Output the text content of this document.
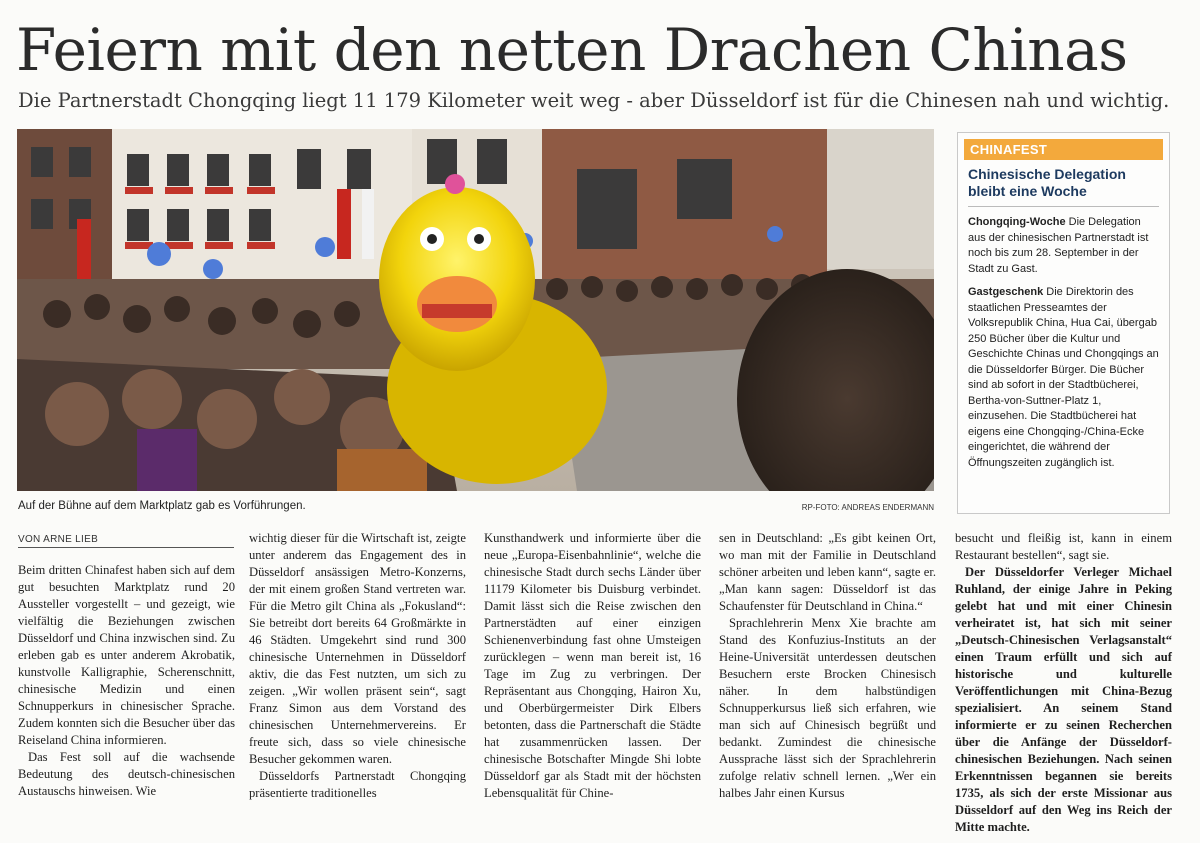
Feiern mit den netten Drachen Chinas
Die Partnerstadt Chongqing liegt 11 179 Kilometer weit weg - aber Düsseldorf ist für die Chinesen nah und wichtig.
Auf der Bühne auf dem Marktplatz gab es Vorführungen.	RP-FOTO: ANDREAS ENDERMANN
CHINAFEST
Chinesische Delegation bleibt eine Woche

Chongqing-Woche Die Delegation aus der chinesischen Partnerstadt ist noch bis zum 28. September in der Stadt zu Gast.

Gastgeschenk Die Direktorin des staatlichen Presseamtes der Volksrepublik China, Hua Cai, übergab 250 Bücher über die Kultur und Geschichte Chinas und Chongqings an die Düsseldorfer Bürger. Die Bücher sind ab sofort in der Stadtbücherei, Bertha-von-Suttner-Platz 1, einzusehen. Die Stadtbücherei hat eigens eine Chongqing-/China-Ecke eingerichtet, die während der Öffnungszeiten zugänglich ist.

VON ARNE LIEB

Beim dritten Chinafest haben sich auf dem gut besuchten Marktplatz rund 20 Aussteller vorgestellt – und gezeigt, wie vielfältig die Beziehungen zwischen Düsseldorf und China inzwischen sind. Zu erleben gab es unter anderem Akrobatik, kunstvolle Kalligraphie, Scherenschnitt, chinesische Medizin und einen Schnupperkurs in chinesischer Sprache. Zudem konnten sich die Besucher über das Reiseland China informieren.

Das Fest soll auf die wachsende Bedeutung des deutsch-chinesischen Austauschs hinweisen. Wie

wichtig dieser für die Wirtschaft ist, zeigte unter anderem das Engagement des in Düsseldorf ansässigen Metro-Konzerns, der mit einem großen Stand vertreten war. Für die Metro gilt China als „Fokusland“: Sie betreibt dort bereits 64 Großmärkte in 46 Städten. Umgekehrt sind rund 300 chinesische Unternehmen in Düsseldorf aktiv, die das Fest nutzten, um sich zu zeigen. „Wir wollen präsent sein“, sagt Franz Simon aus dem Vorstand des chinesischen Unternehmervereins. Er freute sich, dass so viele chinesische Besucher gekommen waren.

Düsseldorfs Partnerstadt Chongqing präsentierte traditionelles

Kunsthandwerk und informierte über die neue „Europa-Eisenbahnlinie“, welche die chinesische Stadt durch sechs Länder über 11179 Kilometer bis Duisburg verbindet. Damit lässt sich die Reise zwischen den Partnerstädten auf einer einzigen Schienenverbindung fast ohne Umsteigen zurücklegen – wenn man bereit ist, 16 Tage im Zug zu verbringen. Der Repräsentant aus Chongqing, Hairon Xu, und Oberbürgermeister Dirk Elbers betonten, dass die Partnerschaft die Städte hat zusammenrücken lassen. Der chinesische Botschafter Mingde Shi lobte Düsseldorf gar als Stadt mit der höchsten Lebensqualität für Chine-

sen in Deutschland: „Es gibt keinen Ort, wo man mit der Familie in Deutschland schöner arbeiten und leben kann“, sagte er. „Man kann sagen: Düsseldorf ist das Schaufenster für Deutschland in China.“

Sprachlehrerin Menx Xie brachte am Stand des Konfuzius-Instituts an der Heine-Universität unterdessen deutschen Besuchern erste Brocken Chinesisch näher. In dem halbstündigen Schnupperkursus ließ sich erfahren, wie man sich auf Chinesisch begrüßt und bedankt. Zumindest die chinesische Aussprache lässt sich der Sprachlehrerin zufolge relativ schnell lernen. „Wer ein halbes Jahr einen Kursus

besucht und fleißig ist, kann in einem Restaurant bestellen“, sagt sie.

Der Düsseldorfer Verleger Michael Ruhland, der einige Jahre in Peking gelebt hat und mit einer Chinesin verheiratet ist, hat sich mit seiner „Deutsch-Chinesischen Verlagsanstalt“ einen Traum erfüllt und sich auf historische und kulturelle Veröffentlichungen mit China-Bezug spezialisiert. An seinem Stand informierte er zu seinen Recherchen über die Anfänge der Düsseldorf-chinesischen Beziehungen. Nach seinen Erkenntnissen begannen sie bereits 1735, als sich der erste Missionar aus Düsseldorf auf den Weg ins Reich der Mitte machte.
